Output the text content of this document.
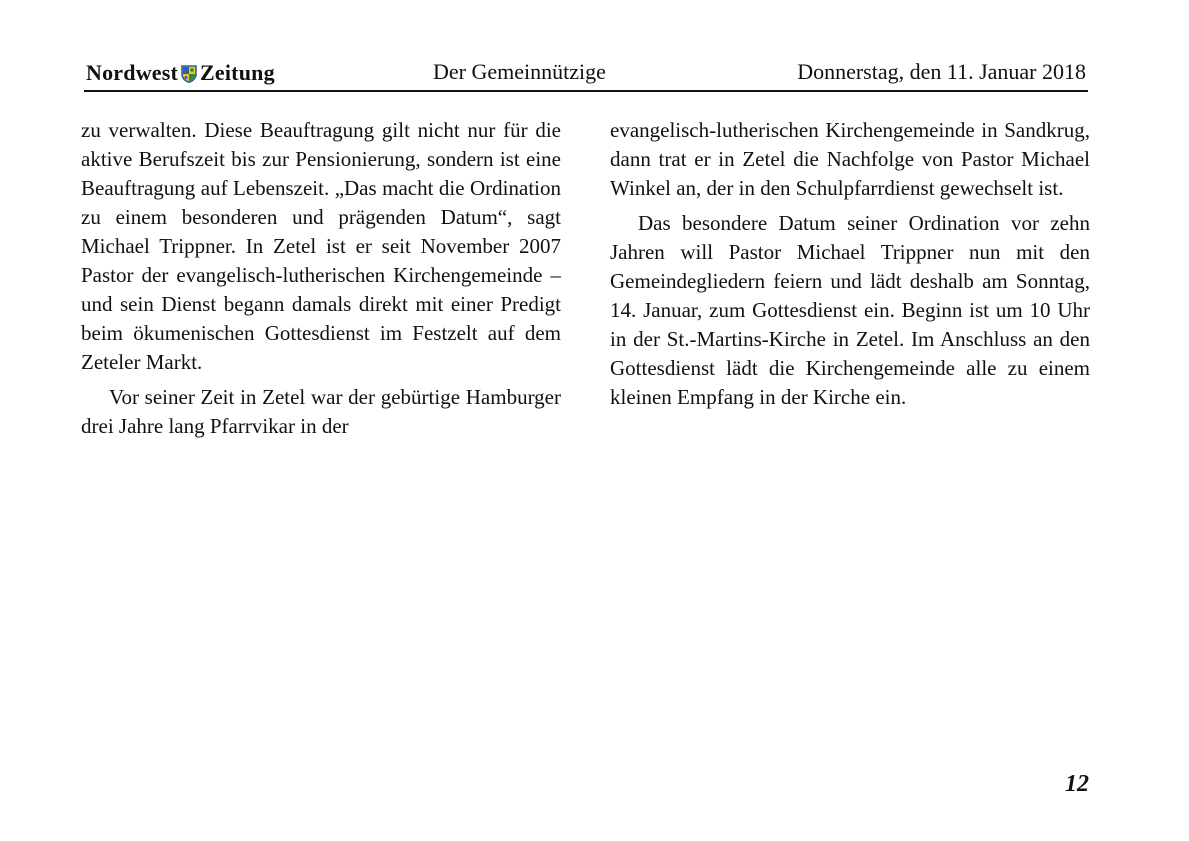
Nordwest Zeitung	Der Gemeinnützige	Donnerstag, den 11. Januar 2018

zu verwalten. Diese Beauftragung gilt nicht nur für die aktive Berufszeit bis zur Pensionierung, sondern ist eine Beauftragung auf Lebenszeit. „Das macht die Ordination zu einem besonderen und prägenden Datum“, sagt Michael Trippner. In Zetel ist er seit November 2007 Pastor der evangelisch-lutherischen Kirchengemeinde – und sein Dienst begann damals direkt mit einer Predigt beim ökumenischen Gottesdienst im Festzelt auf dem Zeteler Markt.

Vor seiner Zeit in Zetel war der gebürtige Hamburger drei Jahre lang Pfarrvikar in der

evangelisch-lutherischen Kirchengemeinde in Sandkrug, dann trat er in Zetel die Nachfolge von Pastor Michael Winkel an, der in den Schulpfarrdienst gewechselt ist.

Das besondere Datum seiner Ordination vor zehn Jahren will Pastor Michael Trippner nun mit den Gemeindegliedern feiern und lädt deshalb am Sonntag, 14. Januar, zum Gottesdienst ein. Beginn ist um 10 Uhr in der St.-Martins-Kirche in Zetel. Im Anschluss an den Gottesdienst lädt die Kirchengemeinde alle zu einem kleinen Empfang in der Kirche ein.

12
